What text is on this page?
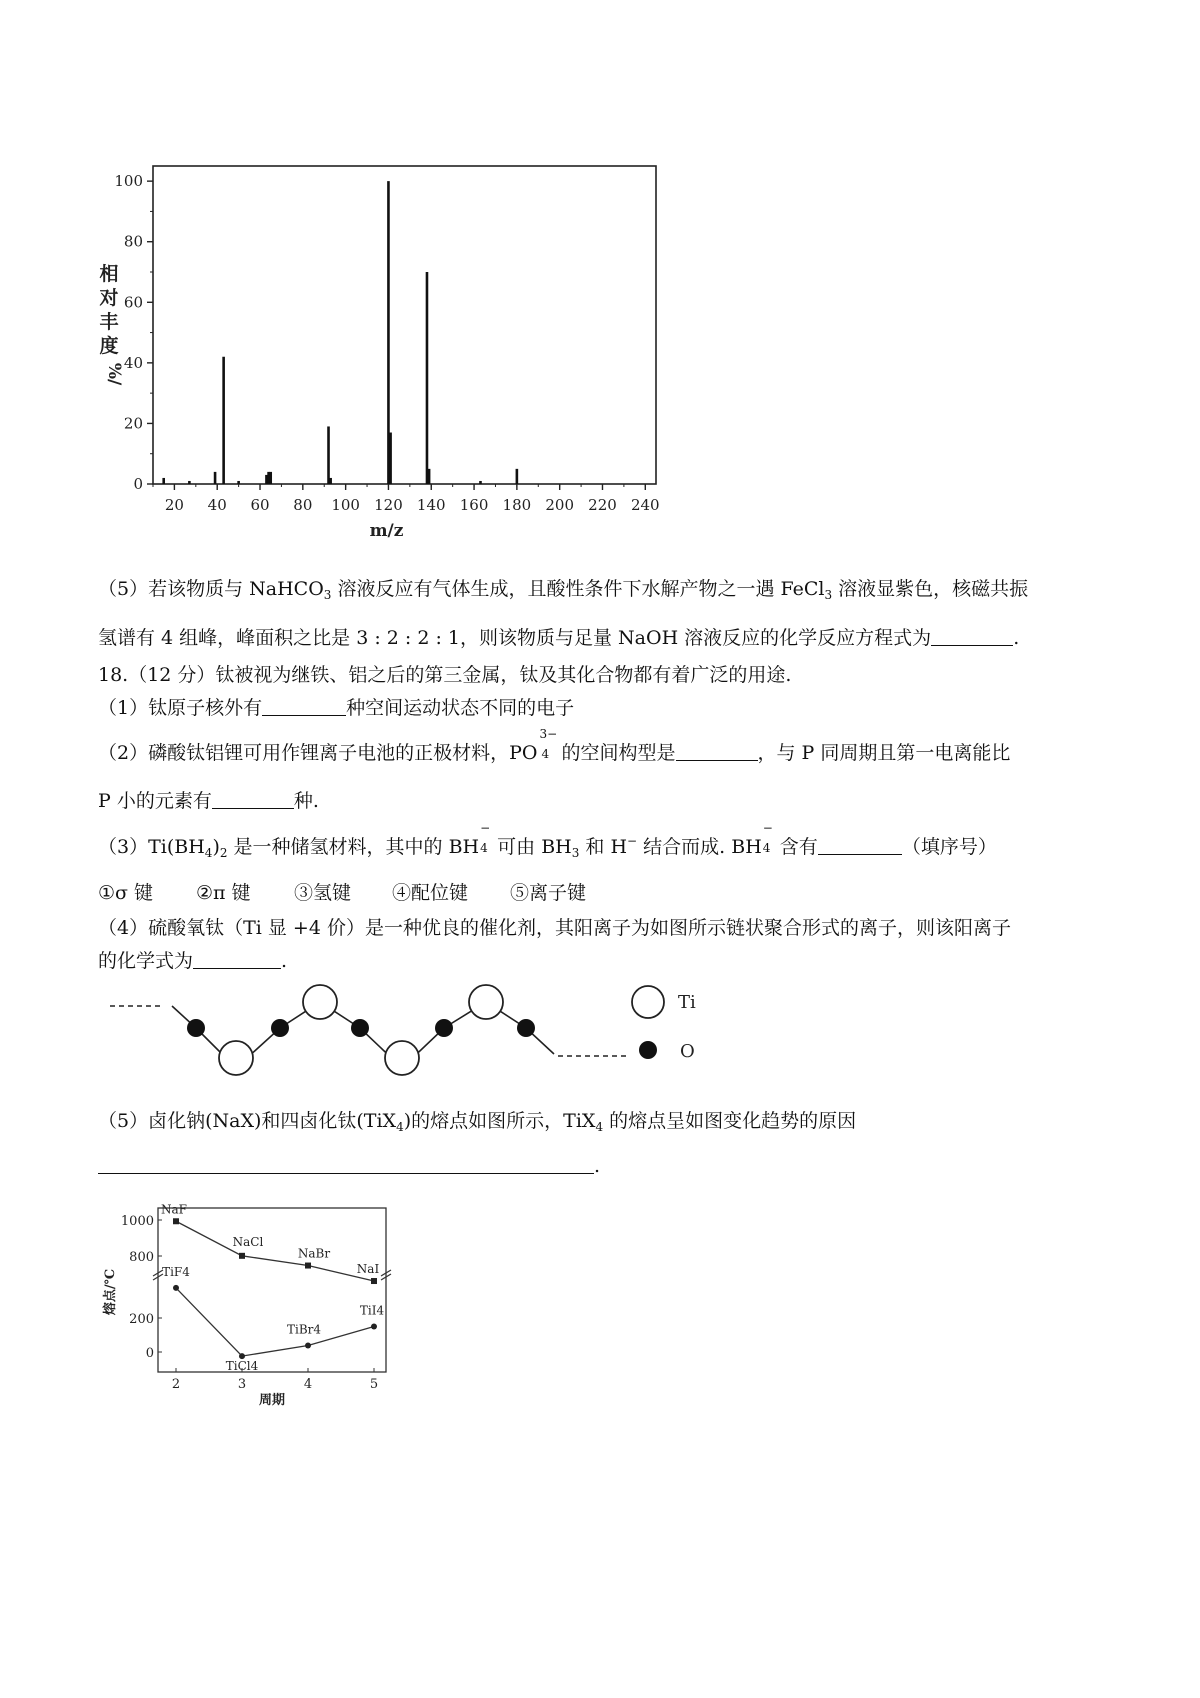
20 40 60 80 100 120 140 160 180 200 220 240
0
20
40
60
80
100
m/z
相
对
丰
度
%/
（5）若该物质与 NaHCO$_3$ 溶液反应有气体生成，且酸性条件下水解产物之一遇 FeCl$_3$ 溶液显紫色，核磁共振
氢谱有 4 组峰，峰面积之比是 3 : 2 : 2 : 1，则该物质与足量 NaOH 溶液反应的化学反应方程式为	.
18.（12 分）钛被视为继铁、铝之后的第三金属，钛及其化合物都有着广泛的用途.
（1）钛原子核外有	种空间运动状态不同的电子
（2）磷酸钛铝锂可用作锂离子电池的正极材料，PO
3−
4 的空间构型是	，与 P 同周期且第一电离能比
P 小的元素有	种.
$(3)Ti(BH_4)_2$ 是一种储氢材料，其中的 BH
−
4 可由 $BH_3$ 和 H− 结合而成. BH
−
4 含有	（填序号）
①σ 键 ②π 键 ③氢键 ④配位键 ⑤离子键
（4）硫酸氧钛（Ti 显 +4 价）是一种优良的催化剂，其阳离子为如图所示链状聚合形式的离子，则该阳离子
的化学式为	.
Ti
O
（5）卤化钠(NaX)和四卤化钛(TiX$_4$)的熔点如图所示，TiX$_4$ 的熔点呈如图变化趋势的原因
.
800
1000
0
200
2	3	4	5
周期
熔点/℃
NaF
NaCl
NaBr
NaI
TiF4
TiCl4
TiBr4
TiI4
